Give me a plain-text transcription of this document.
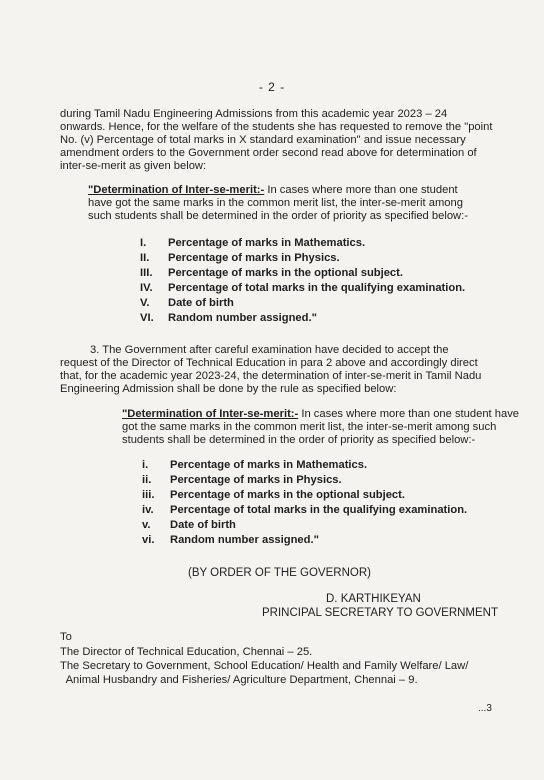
- 2 -
during Tamil Nadu Engineering Admissions from this academic year 2023 – 24
onwards. Hence, for the welfare of the students she has requested to remove the "point
No. (v) Percentage of total marks in X standard examination" and issue necessary
amendment orders to the Government order second read above for determination of
inter-se-merit as given below:
"Determination of Inter-se-merit:- In cases where more than one student
have got the same marks in the common merit list, the inter-se-merit among
such students shall be determined in the order of priority as specified below:-
I.	Percentage of marks in Mathematics.
II.	Percentage of marks in Physics.
III.	Percentage of marks in the optional subject.
IV.	Percentage of total marks in the qualifying examination.
V.	Date of birth
VI.	Random number assigned."
3. The Government after careful examination have decided to accept the
request of the Director of Technical Education in para 2 above and accordingly direct
that, for the academic year 2023-24, the determination of inter-se-merit in Tamil Nadu
Engineering Admission shall be done by the rule as specified below:
"Determination of Inter-se-merit:- In cases where more than one student have
got the same marks in the common merit list, the inter-se-merit among such
students shall be determined in the order of priority as specified below:-
i.	Percentage of marks in Mathematics.
ii.	Percentage of marks in Physics.
iii.	Percentage of marks in the optional subject.
iv.	Percentage of total marks in the qualifying examination.
v.	Date of birth
vi.	Random number assigned."
(BY ORDER OF THE GOVERNOR)
D. KARTHIKEYAN
PRINCIPAL SECRETARY TO GOVERNMENT
To
The Director of Technical Education, Chennai – 25.
The Secretary to Government, School Education/ Health and Family Welfare/ Law/
Animal Husbandry and Fisheries/ Agriculture Department, Chennai – 9.
...3
